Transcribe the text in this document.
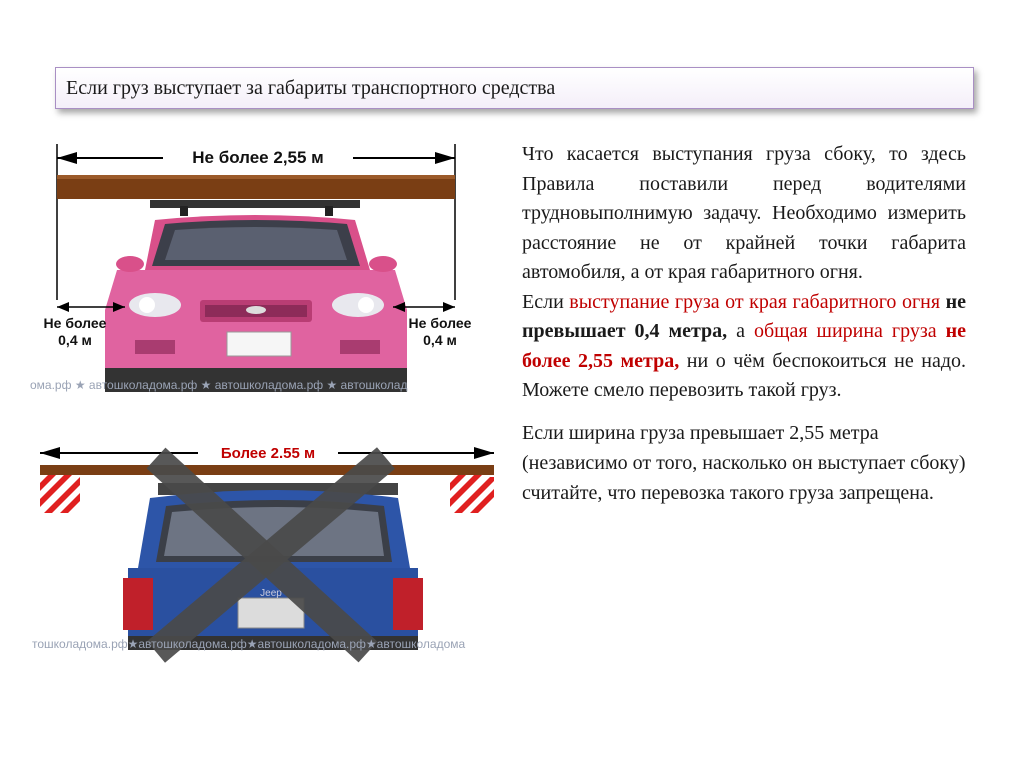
Если груз выступает за габариты транспортного средства
Не более 2,55 м
Не более
0,4 м
Не более
0,4 м
ома.рф ★ автошколадома.рф ★ автошколадома.рф ★ автошколад
Более 2.55 м
Jeep
тошколадома.рф★автошколадома.рф★автошколадома.рф★автошколадома

Что касается выступания груза сбоку, то здесь Правила поставили перед водителями трудновыполнимую задачу. Необходимо измерить расстояние не от крайней точки габарита автомобиля, а от края габаритного огня.

Если выступание груза от края габаритного огня не превышает 0,4 метра, а общая ширина груза не более 2,55 метра, ни о чём беспокоиться не надо. Можете смело перевозить такой груз.

Если ширина груза превышает 2,55 метра (независимо от того, насколько он выступает сбоку) считайте, что перевозка такого груза запрещена.
